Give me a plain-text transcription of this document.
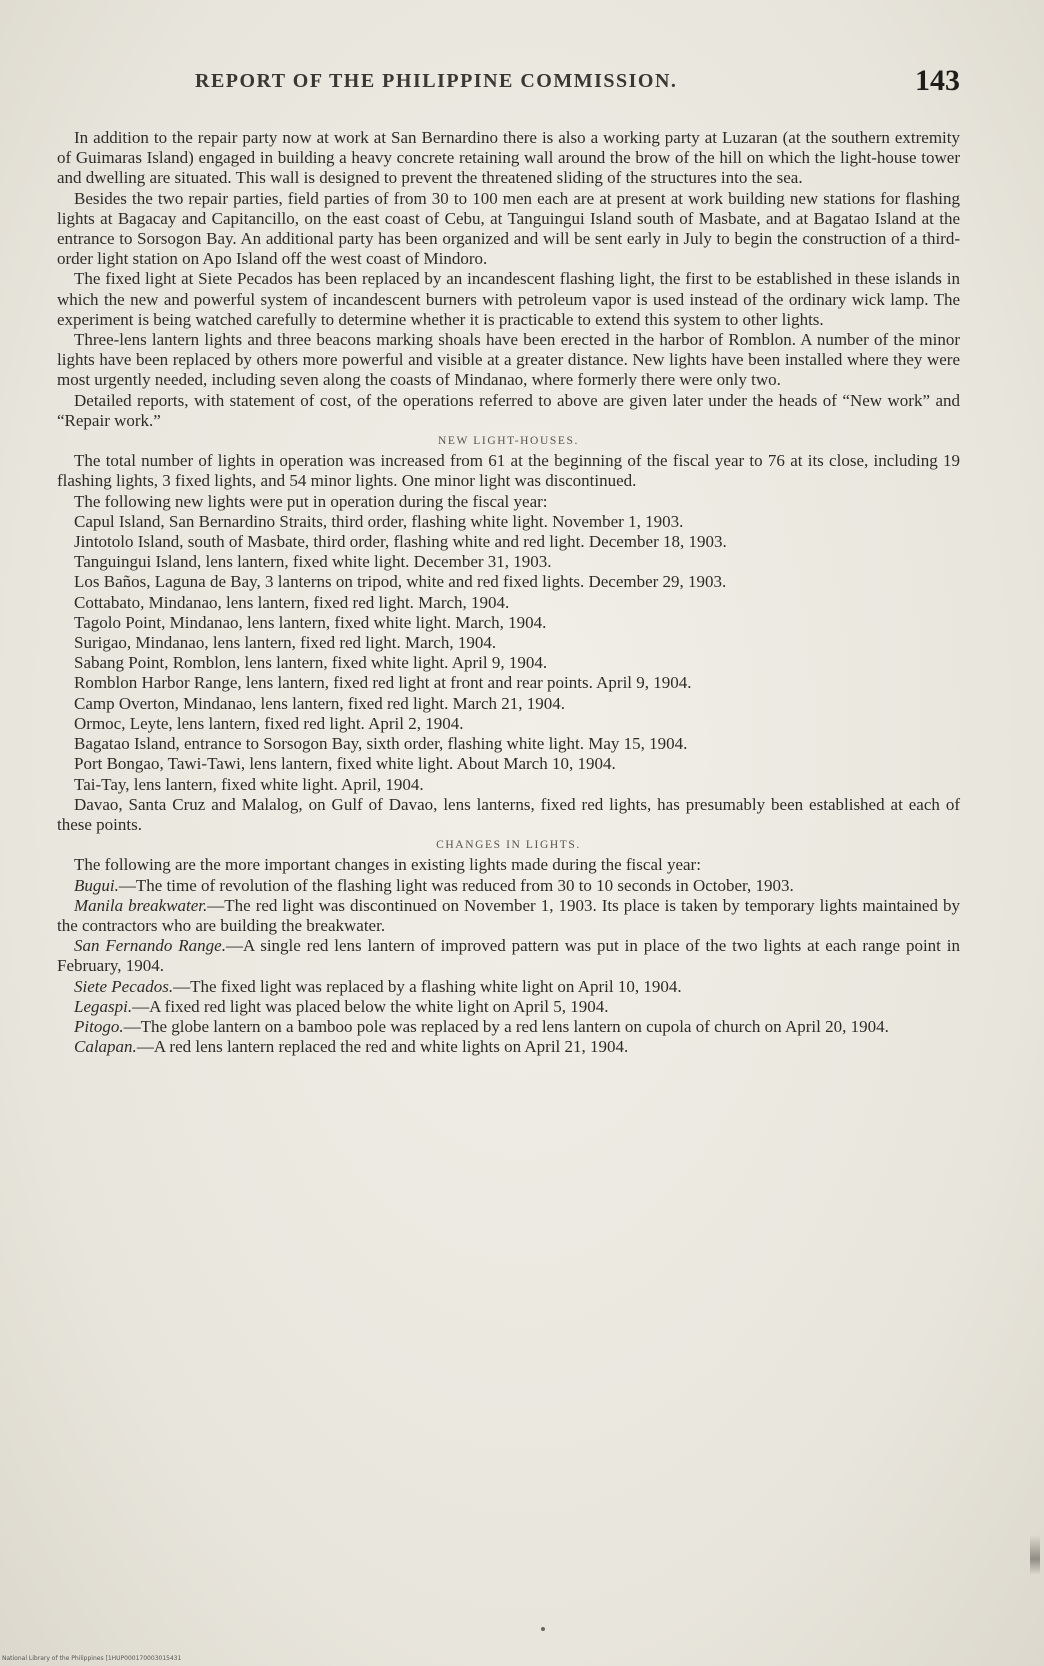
REPORT OF THE PHILIPPINE COMMISSION.	143

In addition to the repair party now at work at San Bernardino there is also a working party at Luzaran (at the southern extremity of Guimaras Island) engaged in building a heavy concrete retaining wall around the brow of the hill on which the light-house tower and dwelling are situated. This wall is designed to prevent the threatened sliding of the structures into the sea.

Besides the two repair parties, field parties of from 30 to 100 men each are at present at work building new stations for flashing lights at Bagacay and Capitancillo, on the east coast of Cebu, at Tanguingui Island south of Masbate, and at Bagatao Island at the entrance to Sorsogon Bay. An additional party has been organized and will be sent early in July to begin the construction of a third-order light station on Apo Island off the west coast of Mindoro.

The fixed light at Siete Pecados has been replaced by an incandescent flashing light, the first to be established in these islands in which the new and powerful system of incandescent burners with petroleum vapor is used instead of the ordinary wick lamp. The experiment is being watched carefully to determine whether it is practicable to extend this system to other lights.

Three-lens lantern lights and three beacons marking shoals have been erected in the harbor of Romblon. A number of the minor lights have been replaced by others more powerful and visible at a greater distance. New lights have been installed where they were most urgently needed, including seven along the coasts of Mindanao, where formerly there were only two.

Detailed reports, with statement of cost, of the operations referred to above are given later under the heads of “New work” and “Repair work.”

NEW LIGHT-HOUSES.

The total number of lights in operation was increased from 61 at the beginning of the fiscal year to 76 at its close, including 19 flashing lights, 3 fixed lights, and 54 minor lights. One minor light was discontinued.

The following new lights were put in operation during the fiscal year:

Capul Island, San Bernardino Straits, third order, flashing white light. November 1, 1903.

Jintotolo Island, south of Masbate, third order, flashing white and red light. December 18, 1903.

Tanguingui Island, lens lantern, fixed white light. December 31, 1903.

Los Baños, Laguna de Bay, 3 lanterns on tripod, white and red fixed lights. December 29, 1903.

Cottabato, Mindanao, lens lantern, fixed red light. March, 1904.

Tagolo Point, Mindanao, lens lantern, fixed white light. March, 1904.

Surigao, Mindanao, lens lantern, fixed red light. March, 1904.

Sabang Point, Romblon, lens lantern, fixed white light. April 9, 1904.

Romblon Harbor Range, lens lantern, fixed red light at front and rear points. April 9, 1904.

Camp Overton, Mindanao, lens lantern, fixed red light. March 21, 1904.

Ormoc, Leyte, lens lantern, fixed red light. April 2, 1904.

Bagatao Island, entrance to Sorsogon Bay, sixth order, flashing white light. May 15, 1904.

Port Bongao, Tawi-Tawi, lens lantern, fixed white light. About March 10, 1904.

Tai-Tay, lens lantern, fixed white light. April, 1904.

Davao, Santa Cruz and Malalog, on Gulf of Davao, lens lanterns, fixed red lights, has presumably been established at each of these points.

CHANGES IN LIGHTS.

The following are the more important changes in existing lights made during the fiscal year:

Bugui.—The time of revolution of the flashing light was reduced from 30 to 10 seconds in October, 1903.

Manila breakwater.—The red light was discontinued on November 1, 1903. Its place is taken by temporary lights maintained by the contractors who are building the breakwater.

San Fernando Range.—A single red lens lantern of improved pattern was put in place of the two lights at each range point in February, 1904.

Siete Pecados.—The fixed light was replaced by a flashing white light on April 10, 1904.

Legaspi.—A fixed red light was placed below the white light on April 5, 1904.

Pitogo.—The globe lantern on a bamboo pole was replaced by a red lens lantern on cupola of church on April 20, 1904.

Calapan.—A red lens lantern replaced the red and white lights on April 21, 1904.

National Library of the Philippines [1HUP000170003015431
